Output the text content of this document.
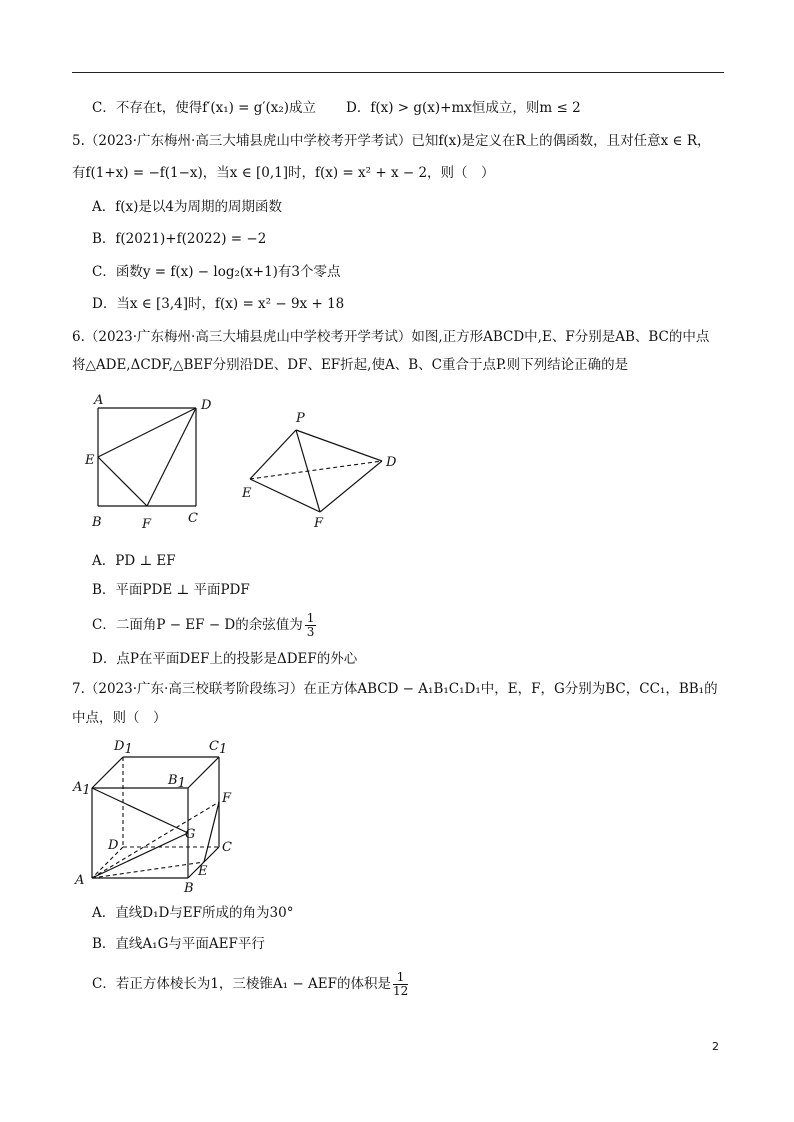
C．不存在t，使得f′(x₁) = g′(x₂)成立 D．f(x) > g(x)+mx恒成立，则m ≤ 2
5.（2023·广东梅州·高三大埔县虎山中学校考开学考试）已知f(x)是定义在R上的偶函数，且对任意x ∈ R，
有f(1+x) = −f(1−x)，当x ∈ [0,1]时，f(x) = x² + x − 2，则（　）
A．f(x)是以4为周期的周期函数
B．f(2021)+f(2022) = −2
C．函数y = f(x) − log₂(x+1)有3个零点
D．当x ∈ [3,4]时，f(x) = x² − 9x + 18
6.（2023·广东梅州·高三大埔县虎山中学校考开学考试）如图,正方形ABCD中,E、F分别是AB、BC的中点
将△ADE,ΔCDF,△BEF分别沿DE、DF、EF折起,使A、B、C重合于点P.则下列结论正确的是
A	D
E
B	F	C
P
D
E
F
A．PD ⊥ EF
B．平面PDE ⊥ 平面PDF
C．二面角P − EF − D的余弦值为 $\frac{1}{3}$
D．点P在平面DEF上的投影是ΔDEF的外心
7.（2023·广东·高三校联考阶段练习）在正方体ABCD − A₁B₁C₁D₁中，E，F，G分别为BC，CC₁，BB₁的
中点，则（　）
D1	C1
B1
A1
F
G
D	C
E
A
B
A．直线D₁D与EF所成的角为30°
B．直线A₁G与平面AEF平行
C．若正方体棱长为1，三棱锥A₁ − AEF的体积是 $\frac{1}{12}$
2
